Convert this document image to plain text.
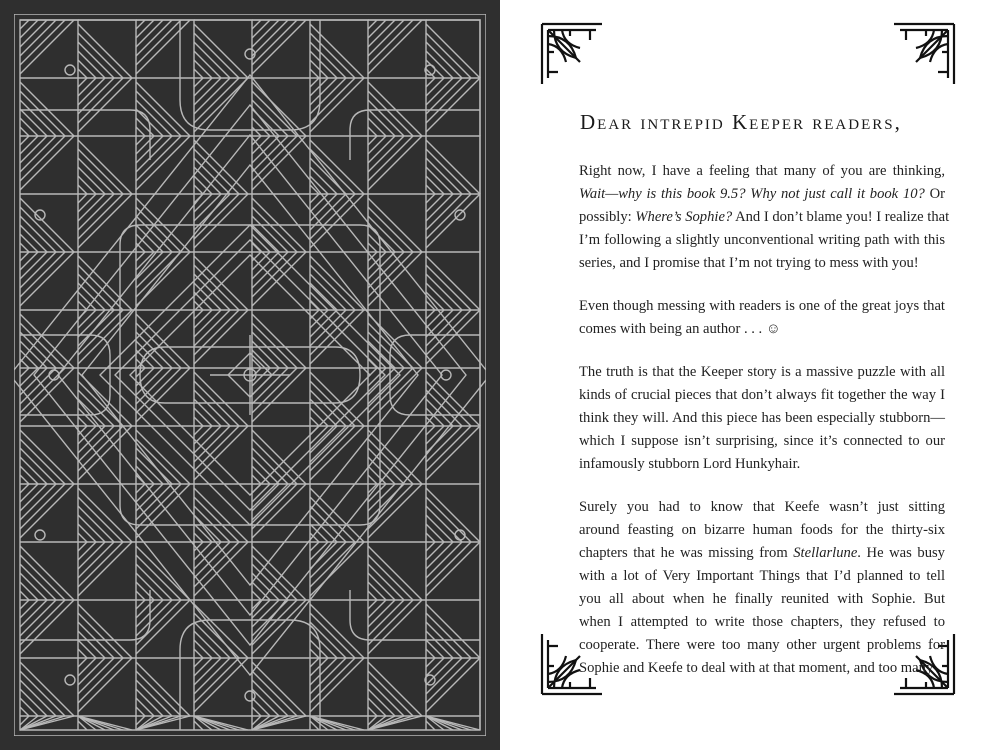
Dear intrepid Keeper readers,
Right now, I have a feeling that many of you are thinking,
Wait—why is this book 9.5? Why not just call it book 10? Or
possibly: Where’s Sophie? And I don’t blame you! I realize that
I’m following a slightly unconventional writing path with this
series, and I promise that I’m not trying to mess with you!
Even though messing with readers is one of the great joys that
comes with being an author . . . ☺
The truth is that the Keeper story is a massive puzzle with all
kinds of crucial pieces that don’t always fit together the way I
think they will. And this piece has been especially stubborn—
which I suppose isn’t surprising, since it’s connected to our
infamously stubborn Lord Hunkyhair.
Surely you had to know that Keefe wasn’t just sitting
around feasting on bizarre human foods for the thirty-six
chapters that he was missing from Stellarlune. He was busy
with a lot of Very Important Things that I’d planned to tell
you all about when he finally reunited with Sophie. But
when I attempted to write those chapters, they refused to
cooperate. There were too many other urgent problems for
Sophie and Keefe to deal with at that moment, and too many
